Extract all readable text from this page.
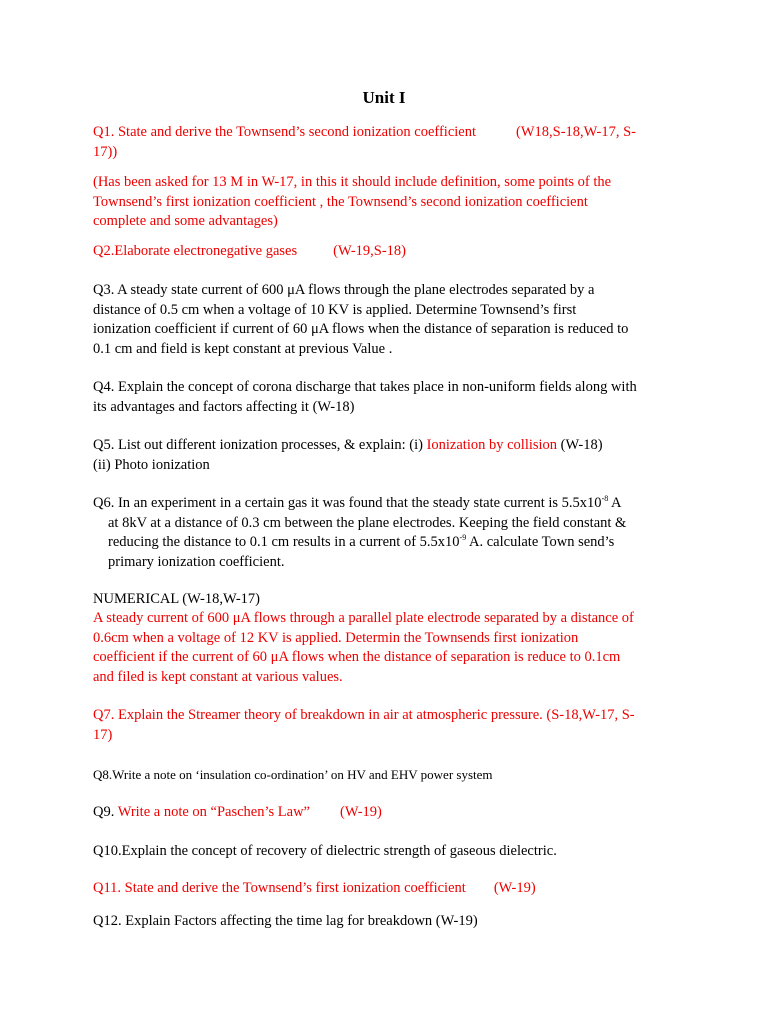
Unit I
Q1. State and derive the Townsend’s second ionization coefficient	(W18,S-18,W-17, S-
17))
(Has been asked for 13 M in W-17, in this it should include definition, some points of the
Townsend’s first ionization coefficient , the Townsend’s second ionization coefficient
complete and some advantages)
Q2.Elaborate electronegative gases (W-19,S-18)
Q3. A steady state current of 600 μA flows through the plane electrodes separated by a
distance of 0.5 cm when a voltage of 10 KV is applied. Determine Townsend’s first
ionization coefficient if current of 60 μA flows when the distance of separation is reduced to
0.1 cm and field is kept constant at previous Value .
Q4. Explain the concept of corona discharge that takes place in non-uniform fields along with
its advantages and factors affecting it (W-18)
Q5. List out different ionization processes, & explain: (i) Ionization by collision (W-18)
(ii) Photo ionization
Q6. In an experiment in a certain gas it was found that the steady state current is $5.5x10^{-8}$ A
at 8kV at a distance of 0.3 cm between the plane electrodes. Keeping the field constant &
reducing the distance to 0.1 cm results in a current of $5.5x10^{-9}$ A. calculate Town send’s
primary ionization coefficient.
NUMERICAL (W-18,W-17)
A steady current of 600 μA flows through a parallel plate electrode separated by a distance of
0.6cm when a voltage of 12 KV is applied. Determin the Townsends first ionization
coefficient if the current of 60 μA flows when the distance of separation is reduce to 0.1cm
and filed is kept constant at various values.
Q7. Explain the Streamer theory of breakdown in air at atmospheric pressure. (S-18,W-17, S-
17)
Q8.Write a note on ‘insulation co-ordination’ on HV and EHV power system
Q9. Write a note on “Paschen’s Law” (W-19)
Q10.Explain the concept of recovery of dielectric strength of gaseous dielectric.
Q11. State and derive the Townsend’s first ionization coefficient (W-19)
Q12. Explain Factors affecting the time lag for breakdown (W-19)
